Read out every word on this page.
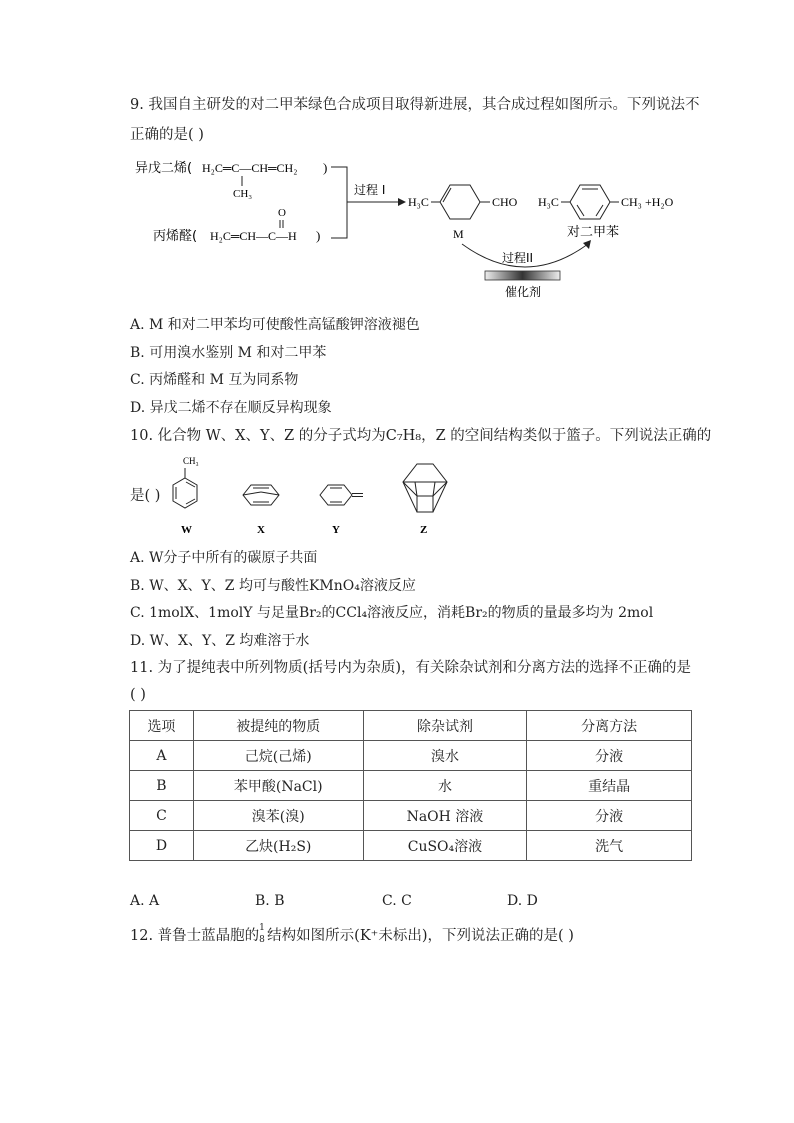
9. 我国自主研发的对二甲苯绿色合成项目取得新进展，其合成过程如图所示。下列说法不
正确的是( )
异戊二烯( H₂C═C—CH═CH₂
CH₃
)
O
丙烯醛( H₂C═CH—C—H )
过程 I
H₃C	CHO
M
H₃C	CH₃ +H₂O
对二甲苯
过程II
催化剂
A. M 和对二甲苯均可使酸性高锰酸钾溶液褪色
B. 可用溴水鉴别 M 和对二甲苯
C. 丙烯醛和 M 互为同系物
D. 异戊二烯不存在顺反异构现象
10. 化合物 W、X、Y、Z 的分子式均为C₇H₈，Z 的空间结构类似于篮子。下列说法正确的
是( )
CH₃
W	X	Y	Z
A. W分子中所有的碳原子共面
B. W、X、Y、Z 均可与酸性KMnO₄溶液反应
C. 1molX、1molY 与足量Br₂的CCl₄溶液反应，消耗Br₂的物质的量最多均为 2mol
D. W、X、Y、Z 均难溶于水
11. 为了提纯表中所列物质(括号内为杂质)，有关除杂试剂和分离方法的选择不正确的是
( )
选项	被提纯的物质	除杂试剂	分离方法
A	己烷(己烯)	溴水	分液
B	苯甲酸(NaCl)	水	重结晶
C	溴苯(溴)	NaOH 溶液	分液
D	乙炔(H₂S)	CuSO₄溶液	洗气
A. A	B. B	C. C	D. D
12. 普鲁士蓝晶胞的 1
8 结构如图所示(K⁺未标出)，下列说法正确的是( )
